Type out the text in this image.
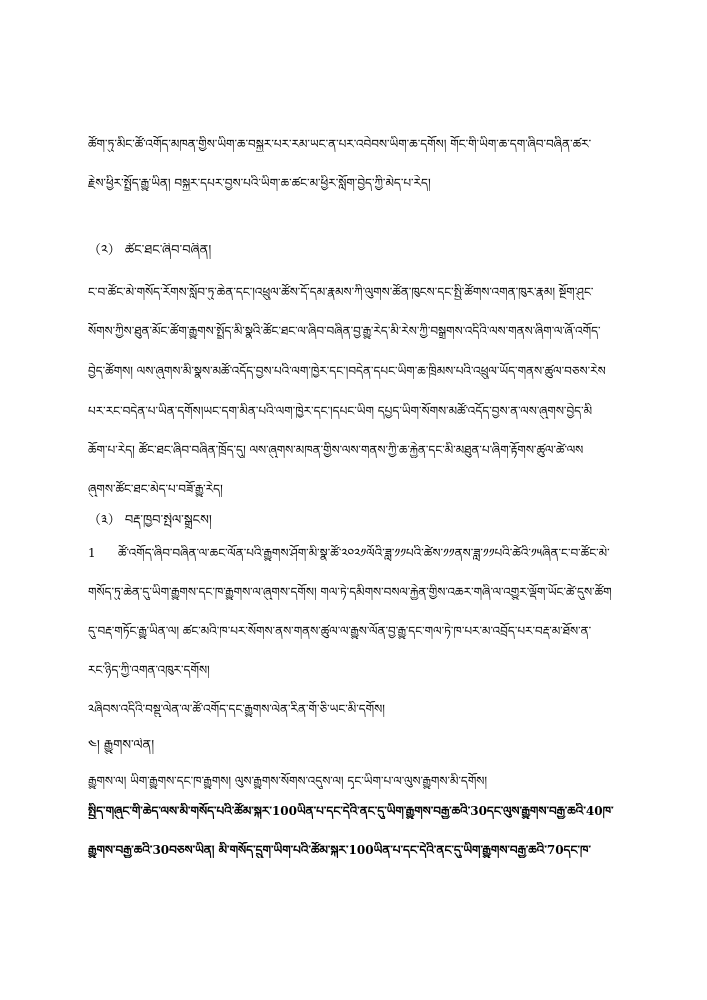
ཚོག་ཏུ་མིང་ཚོ་འགོད་མཁན་གྱིས་ཡིག་ཆ་བསྐྱར་པར་རམ་ཡང་ན་པར་འབེབས་ཡིག་ཆ་དགོས། གོང་གི་ཡིག་ཆ་དག་ཞིབ་བཞིན་ཚར་
རྗེས་ཕྱིར་སྤྲོད་རྒྱུ་ཡིན། བསྐྱར་དཔར་བྱས་པའི་ཡིག་ཆ་ཚང་མ་ཕྱིར་སློག་བྱེད་ཀྱི་མེད་པ་རེད།
（༢） ཚོང་ཐང་ཞིབ་བཞིན།
ང་བ་ཚོང་མེ་གསོད་རོགས་སློབ་ཏུ་ཆེན་དང་།འཕྲུལ་ཚོས་དོ་དམ་རྣམས་ཀི་ལུགས་ཚོན་ཁུངས་དང་སྤྱི་ཚོགས་འགན་ཁུར་རྣམ། སྔོག་ཤུང་
སོགས་ཀྱིས་ཐུན་མོང་ཚོག་རྒྱུགས་སྤྲོད་མི་སྣའི་ཚོང་ཐང་ལ་ཞིབ་བཞིན་བྱ་རྒྱུ་རེད་མི་རེས་ཀྱི་བསྒྲུགས་འདིའི་ལས་གནས་ཞིག་ལ་ཞོ་འགོད་
བྱེད་ཚོགས། ལས་ཞུགས་མི་སྣས་མཚོ་འདོད་བྱས་པའི་ལག་ཁྱེར་དང་།བདེན་དཔང་ཡིག་ཆ་ཁྲིམས་པའི་འཕྲུལ་ཡོད་གནས་ཚུལ་བཅས་རེས
པར་རང་བདེན་པ་ཡིན་དགོས།ཡང་དག་མིན་པའི་ལག་ཁྱེར་དང་།དཔང་ཡིག དཔྱད་ཡིག་སོགས་མཚོ་འདོད་བྱས་ན་ལས་ཞུགས་བྱེད་མི
ཆོག་པ་རེད། ཚོང་ཐང་ཞིབ་བཞིན་ཁྲོད་དུ། ལས་ཞུགས་མཁན་གྱིས་ལས་གནས་ཀྱི་ཆ་རྐྱེན་དང་མི་མཐུན་པ་ཞིག་རྟོགས་ཚུལ་ཚེ་ལས
ཞུགས་ཚོང་ཐང་མེད་པ་བཟོ་རྒྱུ་རེད།
（༣） བརྡ་ཁྱབ་སྤེལ་སྒྲུངས།
1	ཚོ་འགོད་ཞིབ་བཞིན་ལ་ཆང་ལོན་པའི་རྒྱུགས་ཤོག་མི་སྣ་ཚོ་༢༠༢༡ལོའི་ཟླ་༡༡པའི་ཚེས་༡༡ནས་ཟླ་༡༡པའི་ཚེའི་༡༥ཞིན་ང་བ་ཚོང་མེ་
གསོད་ཏུ་ཆེན་དུ་ཡིག་རྒྱུགས་དང་ཁ་རྒྱུགས་ལ་ཞུགས་དགོས། གལ་ཏེ་དམིགས་བསལ་རྐྱེན་གྱིས་འཆར་གཞི་ལ་འགྱུར་ལྡོག་ཡོང་ཚེ་དུས་ཚོག
དུ་བརྡ་གཏོང་རྒྱུ་ཡིན་ལ། ཚང་མའི་ཁ་པར་སོགས་ནས་གནས་ཚུལ་ལ་རྒྱུས་ལོན་བྱ་རྒྱུ་དང་གལ་ཏེ་ཁ་པར་མ་འབྲོད་པར་བརྡ་མ་ཐོས་ན་
རང་ཉིད་ཀྱི་འགན་འཁུར་དགོས།
༢ཞིབས་འདིའི་བསྡུ་ལེན་ལ་ཚོ་འགོད་དང་རྒྱུགས་ལེན་རིན་གོ་ཅི་ཡང་མི་དགོས།
༤། རྒྱུགས་ལེན།
རྒྱུགས་ལ། ཡིག་རྒྱུགས་དང་ཁ་རྒྱུགས། ལུས་རྒྱུགས་སོགས་འདུས་ལ། དྭང་ཡིག་པ་ལ་ལུས་རྒྱུགས་མི་དགོས།
སྤྱིད་གཞུང་གི་ཆེད་ལས་མི་གསོད་པའི་ཚོམ་སྐར་100ཡིན་པ་དང་དེའི་ནང་དུ་ཡིག་རྒྱུགས་བརྒྱ་ཆའི་30དང་ལུས་རྒྱུགས་བརྒྱ་ཆའི་40ཁ་
རྒྱུགས་བརྒྱ་ཆའི་30བཅས་ཡིན། མི་གསོད་དྲུག་ཡིག་པའི་ཚོམ་སྐར་100ཡིན་པ་དང་དེའི་ནང་དུ་ཡིག་རྒྱུགས་བརྒྱ་ཆའི་70དང་ཁ་
